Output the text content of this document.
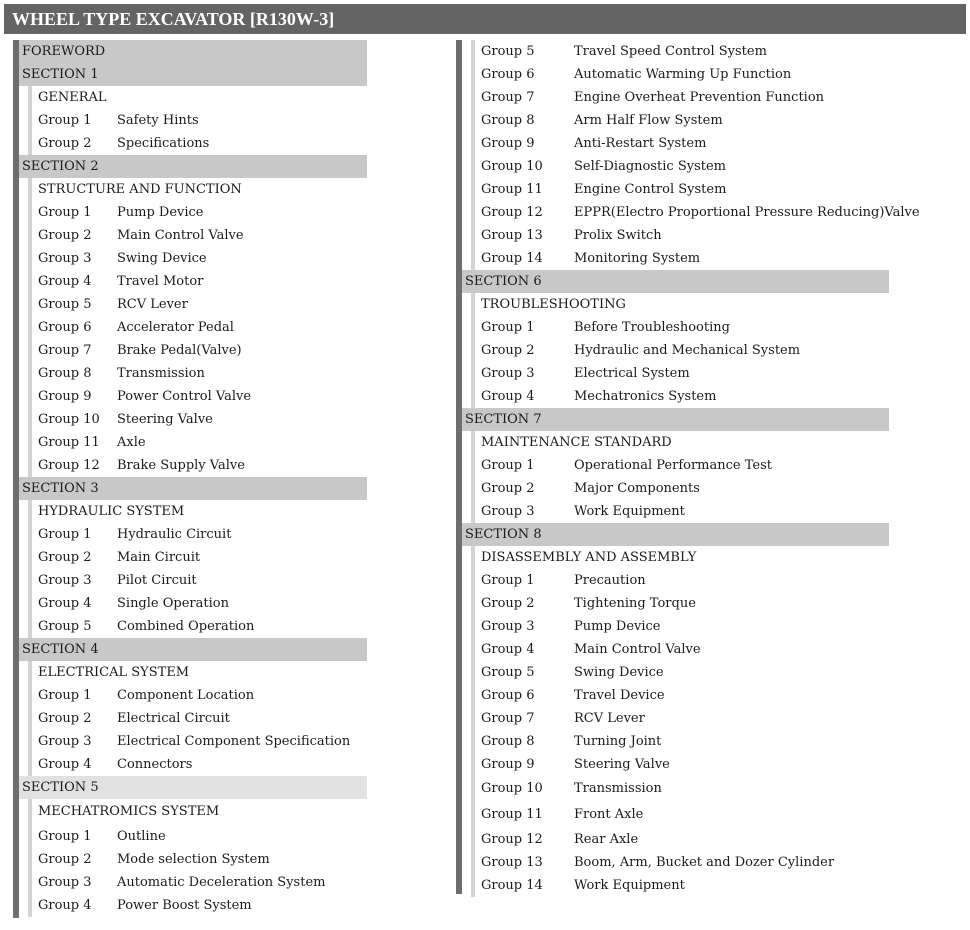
WHEEL TYPE EXCAVATOR [R130W-3]
FOREWORD
SECTION 1
GENERAL
Group 1 Safety Hints
Group 2 Specifications
SECTION 2
STRUCTURE AND FUNCTION
Group 1 Pump Device
Group 2 Main Control Valve
Group 3 Swing Device
Group 4 Travel Motor
Group 5 RCV Lever
Group 6 Accelerator Pedal
Group 7 Brake Pedal(Valve)
Group 8 Transmission
Group 9 Power Control Valve
Group 10 Steering Valve
Group 11 Axle
Group 12 Brake Supply Valve
SECTION 3
HYDRAULIC SYSTEM
Group 1 Hydraulic Circuit
Group 2 Main Circuit
Group 3 Pilot Circuit
Group 4 Single Operation
Group 5 Combined Operation
SECTION 4
ELECTRICAL SYSTEM
Group 1 Component Location
Group 2 Electrical Circuit
Group 3 Electrical Component Specification
Group 4 Connectors
SECTION 5
MECHATROMICS SYSTEM
Group 1 Outline
Group 2 Mode selection System
Group 3 Automatic Deceleration System
Group 4 Power Boost System
Group 5	Travel Speed Control System
Group 6	Automatic Warming Up Function
Group 7	Engine Overheat Prevention Function
Group 8	Arm Half Flow System
Group 9	Anti-Restart System
Group 10 Self-Diagnostic System
Group 11 Engine Control System
Group 12 EPPR(Electro Proportional Pressure Reducing)Valve
Group 13 Prolix Switch
Group 14 Monitoring System
SECTION 6
TROUBLESHOOTING
Group 1	Before Troubleshooting
Group 2	Hydraulic and Mechanical System
Group 3	Electrical System
Group 4	Mechatronics System
SECTION 7
MAINTENANCE STANDARD
Group 1	Operational Performance Test
Group 2	Major Components
Group 3	Work Equipment
SECTION 8
DISASSEMBLY AND ASSEMBLY
Group 1	Precaution
Group 2	Tightening Torque
Group 3	Pump Device
Group 4	Main Control Valve
Group 5	Swing Device
Group 6	Travel Device
Group 7	RCV Lever
Group 8	Turning Joint
Group 9	Steering Valve
Group 10 Transmission
Group 11 Front Axle
Group 12 Rear Axle
Group 13 Boom, Arm, Bucket and Dozer Cylinder
Group 14 Work Equipment
